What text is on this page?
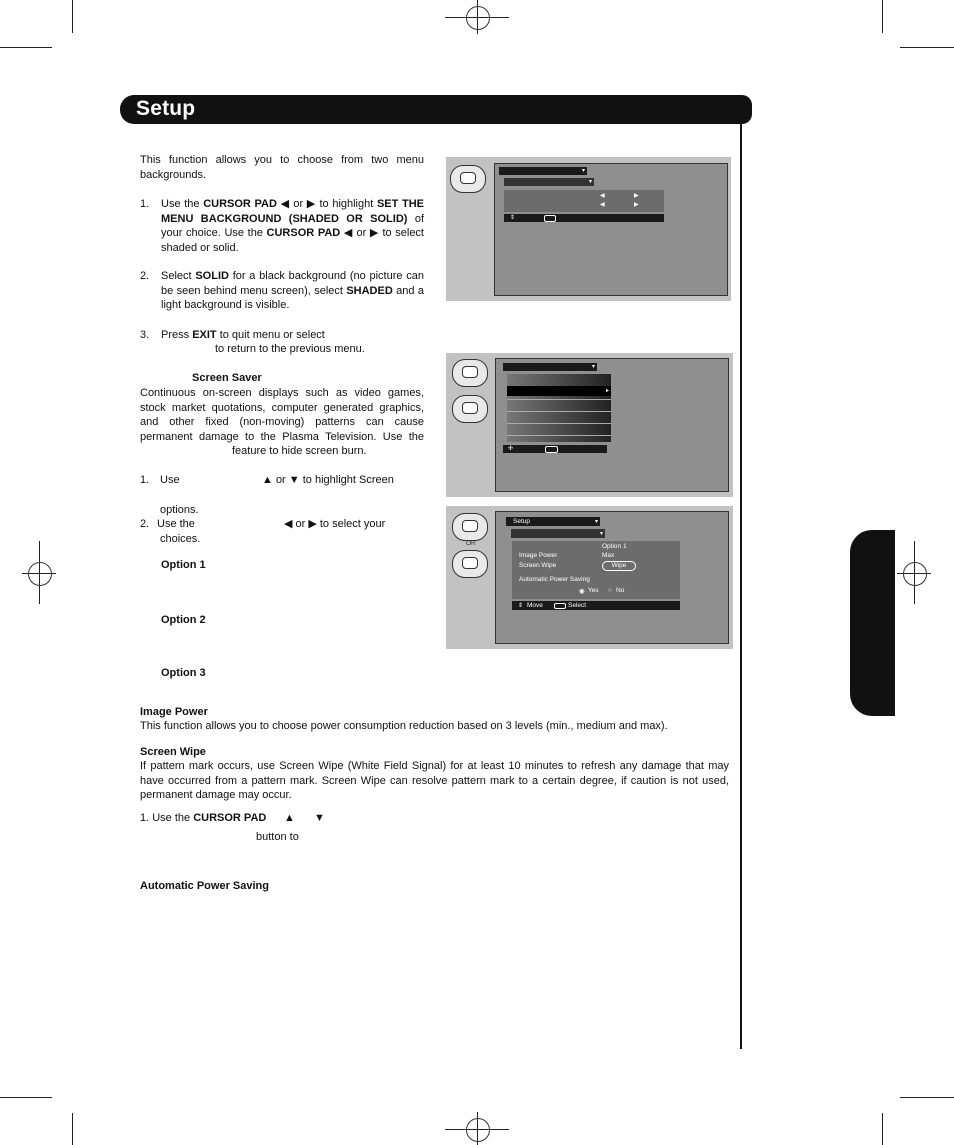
Setup
This function allows you to choose from two menu backgrounds.
1. Use the CURSOR PAD ◀ or ▶ to highlight SET THE MENU BACKGROUND (SHADED OR SOLID) of your choice. Use the CURSOR PAD ◀ or ▶ to select shaded or solid.
2. Select SOLID for a black background (no picture can be seen behind menu screen), select SHADED and a light background is visible.
3. Press EXIT to quit menu or select
to return to the previous menu.
Screen Saver
Continuous on-screen displays such as video games, stock market quotations, computer generated graphics, and other fixed (non-moving) patterns can cause permanent damage to the Plasma Television. Use the
feature to hide screen burn.
1. Use	▲ or ▼ to highlight Screen
options.
2. Use the	◀ or ▶ to select your
choices.
Option 1
Option 2
Option 3
Image Power
This function allows you to choose power consumption reduction based on 3 levels (min., medium and max).
Screen Wipe
If pattern mark occurs, use Screen Wipe (White Field Signal) for at least 10 minutes to refresh any damage that may have occurred from a pattern mark. Screen Wipe can resolve pattern mark to a certain degree, if caution is not used, permanent damage may occur.
1. Use the CURSOR PAD ▲ ▼
button to
Automatic Power Saving
▾
▾
◀	▶
◀	▶
⇕
▾
▸
✣
OR
Setup	▾
▾
Option 1
Image Power	Max
Screen Wipe	Wipe
Automatic Power Saving
◉ Yes ○ No
⇕ Move	Select
